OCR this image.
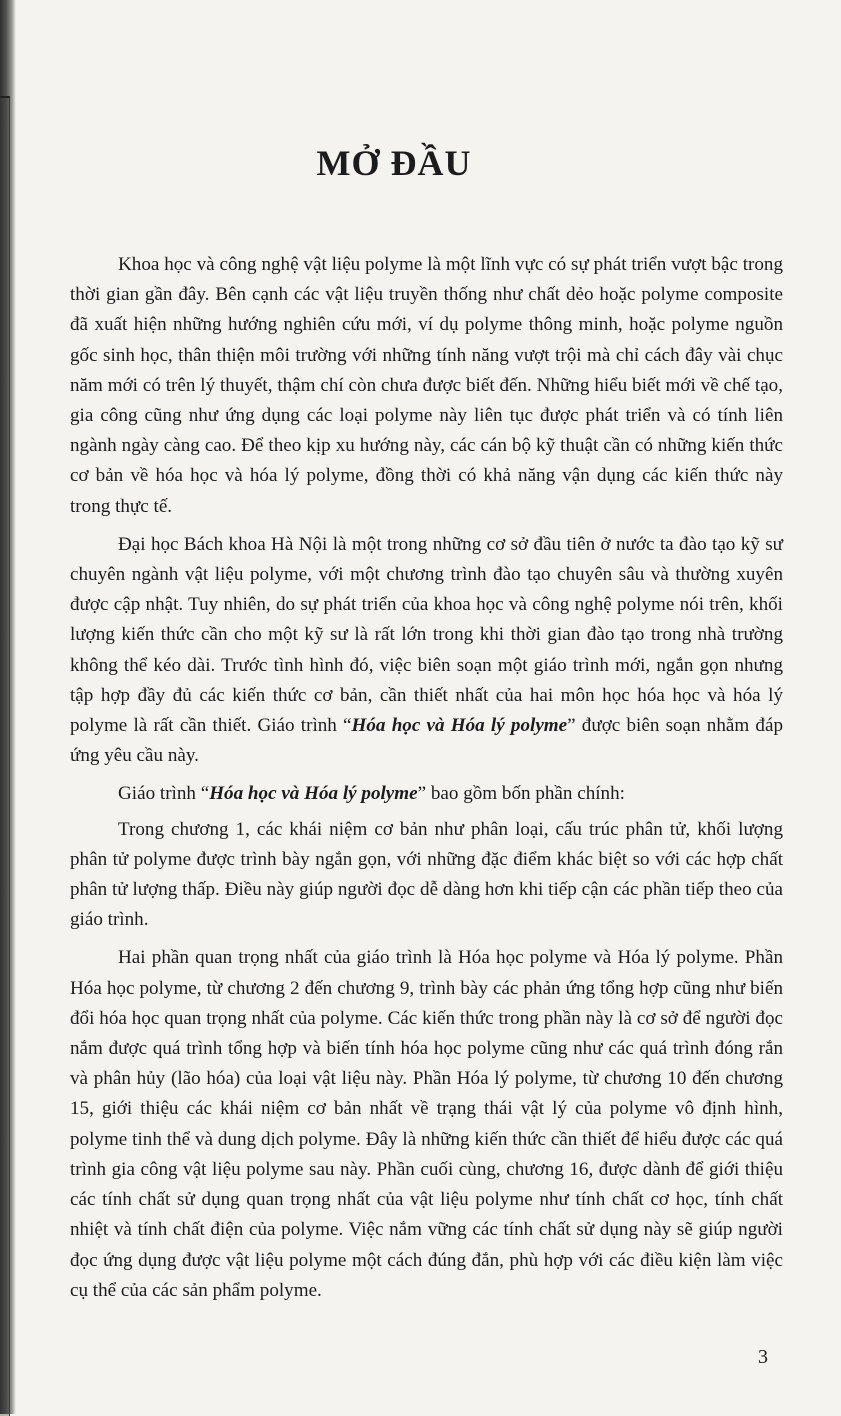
MỞ ĐẦU

Khoa học và công nghệ vật liệu polyme là một lĩnh vực có sự phát triển vượt bậc trong thời gian gần đây. Bên cạnh các vật liệu truyền thống như chất dẻo hoặc polyme composite đã xuất hiện những hướng nghiên cứu mới, ví dụ polyme thông minh, hoặc polyme nguồn gốc sinh học, thân thiện môi trường với những tính năng vượt trội mà chỉ cách đây vài chục năm mới có trên lý thuyết, thậm chí còn chưa được biết đến. Những hiểu biết mới về chế tạo, gia công cũng như ứng dụng các loại polyme này liên tục được phát triển và có tính liên ngành ngày càng cao. Để theo kịp xu hướng này, các cán bộ kỹ thuật cần có những kiến thức cơ bản về hóa học và hóa lý polyme, đồng thời có khả năng vận dụng các kiến thức này trong thực tế.

Đại học Bách khoa Hà Nội là một trong những cơ sở đầu tiên ở nước ta đào tạo kỹ sư chuyên ngành vật liệu polyme, với một chương trình đào tạo chuyên sâu và thường xuyên được cập nhật. Tuy nhiên, do sự phát triển của khoa học và công nghệ polyme nói trên, khối lượng kiến thức cần cho một kỹ sư là rất lớn trong khi thời gian đào tạo trong nhà trường không thể kéo dài. Trước tình hình đó, việc biên soạn một giáo trình mới, ngắn gọn nhưng tập hợp đầy đủ các kiến thức cơ bản, cần thiết nhất của hai môn học hóa học và hóa lý polyme là rất cần thiết. Giáo trình “Hóa học và Hóa lý polyme” được biên soạn nhằm đáp ứng yêu cầu này.

Giáo trình “Hóa học và Hóa lý polyme” bao gồm bốn phần chính:

Trong chương 1, các khái niệm cơ bản như phân loại, cấu trúc phân tử, khối lượng phân tử polyme được trình bày ngắn gọn, với những đặc điểm khác biệt so với các hợp chất phân tử lượng thấp. Điều này giúp người đọc dễ dàng hơn khi tiếp cận các phần tiếp theo của giáo trình.

Hai phần quan trọng nhất của giáo trình là Hóa học polyme và Hóa lý polyme. Phần Hóa học polyme, từ chương 2 đến chương 9, trình bày các phản ứng tổng hợp cũng như biến đổi hóa học quan trọng nhất của polyme. Các kiến thức trong phần này là cơ sở để người đọc nắm được quá trình tổng hợp và biến tính hóa học polyme cũng như các quá trình đóng rắn và phân hủy (lão hóa) của loại vật liệu này. Phần Hóa lý polyme, từ chương 10 đến chương 15, giới thiệu các khái niệm cơ bản nhất về trạng thái vật lý của polyme vô định hình, polyme tinh thể và dung dịch polyme. Đây là những kiến thức cần thiết để hiểu được các quá trình gia công vật liệu polyme sau này. Phần cuối cùng, chương 16, được dành để giới thiệu các tính chất sử dụng quan trọng nhất của vật liệu polyme như tính chất cơ học, tính chất nhiệt và tính chất điện của polyme. Việc nắm vững các tính chất sử dụng này sẽ giúp người đọc ứng dụng được vật liệu polyme một cách đúng đắn, phù hợp với các điều kiện làm việc cụ thể của các sản phẩm polyme.

3
